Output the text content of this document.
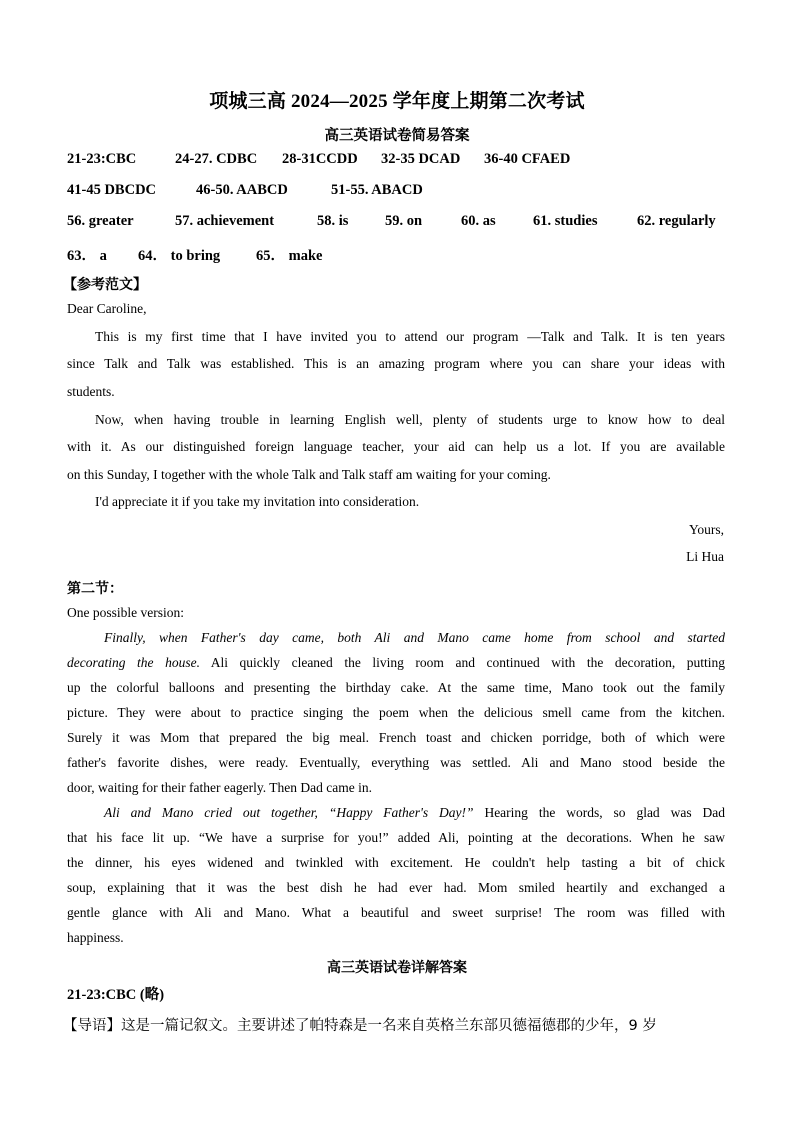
项城三高 2024—2025 学年度上期第二次考试
高三英语试卷简易答案
21-23:CBC	24-27. CDBC 28-31CCDD 32-35 DCAD 36-40 CFAED
41-45 DBCDC	46-50. AABCD	51-55. ABACD
56. greater	57. achievement	58. is	59. on	60. as	61. studies	62. regularly
63． a 64． to bring 65． make
【参考范文】
Dear Caroline,
This is my first time that I have invited you to attend our program —Talk and Talk. It is ten years
since Talk and Talk was established. This is an amazing program where you can share your ideas with
students.
Now, when having trouble in learning English well, plenty of students urge to know how to deal
with it. As our distinguished foreign language teacher, your aid can help us a lot. If you are available
on this Sunday, I together with the whole Talk and Talk staff am waiting for your coming.
I'd appreciate it if you take my invitation into consideration.
Yours,
Li Hua
第二节：
One possible version:
Finally, when Father's day came, both Ali and Mano came home from school and started
decorating the house. Ali quickly cleaned the living room and continued with the decoration, putting
up the colorful balloons and presenting the birthday cake. At the same time, Mano took out the family
picture. They were about to practice singing the poem when the delicious smell came from the kitchen.
Surely it was Mom that prepared the big meal. French toast and chicken porridge, both of which were
father's favorite dishes, were ready. Eventually, everything was settled. Ali and Mano stood beside the
door, waiting for their father eagerly. Then Dad came in.
Ali and Mano cried out together, “Happy Father's Day!” Hearing the words, so glad was Dad
that his face lit up. “We have a surprise for you!” added Ali, pointing at the decorations. When he saw
the dinner, his eyes widened and twinkled with excitement. He couldn't help tasting a bit of chick
soup, explaining that it was the best dish he had ever had. Mom smiled heartily and exchanged a
gentle glance with Ali and Mano. What a beautiful and sweet surprise! The room was filled with
happiness.
高三英语试卷详解答案
21-23:CBC (略)
【导语】这是一篇记叙文。主要讲述了帕特森是一名来自英格兰东部贝德福德郡的少年，9 岁
